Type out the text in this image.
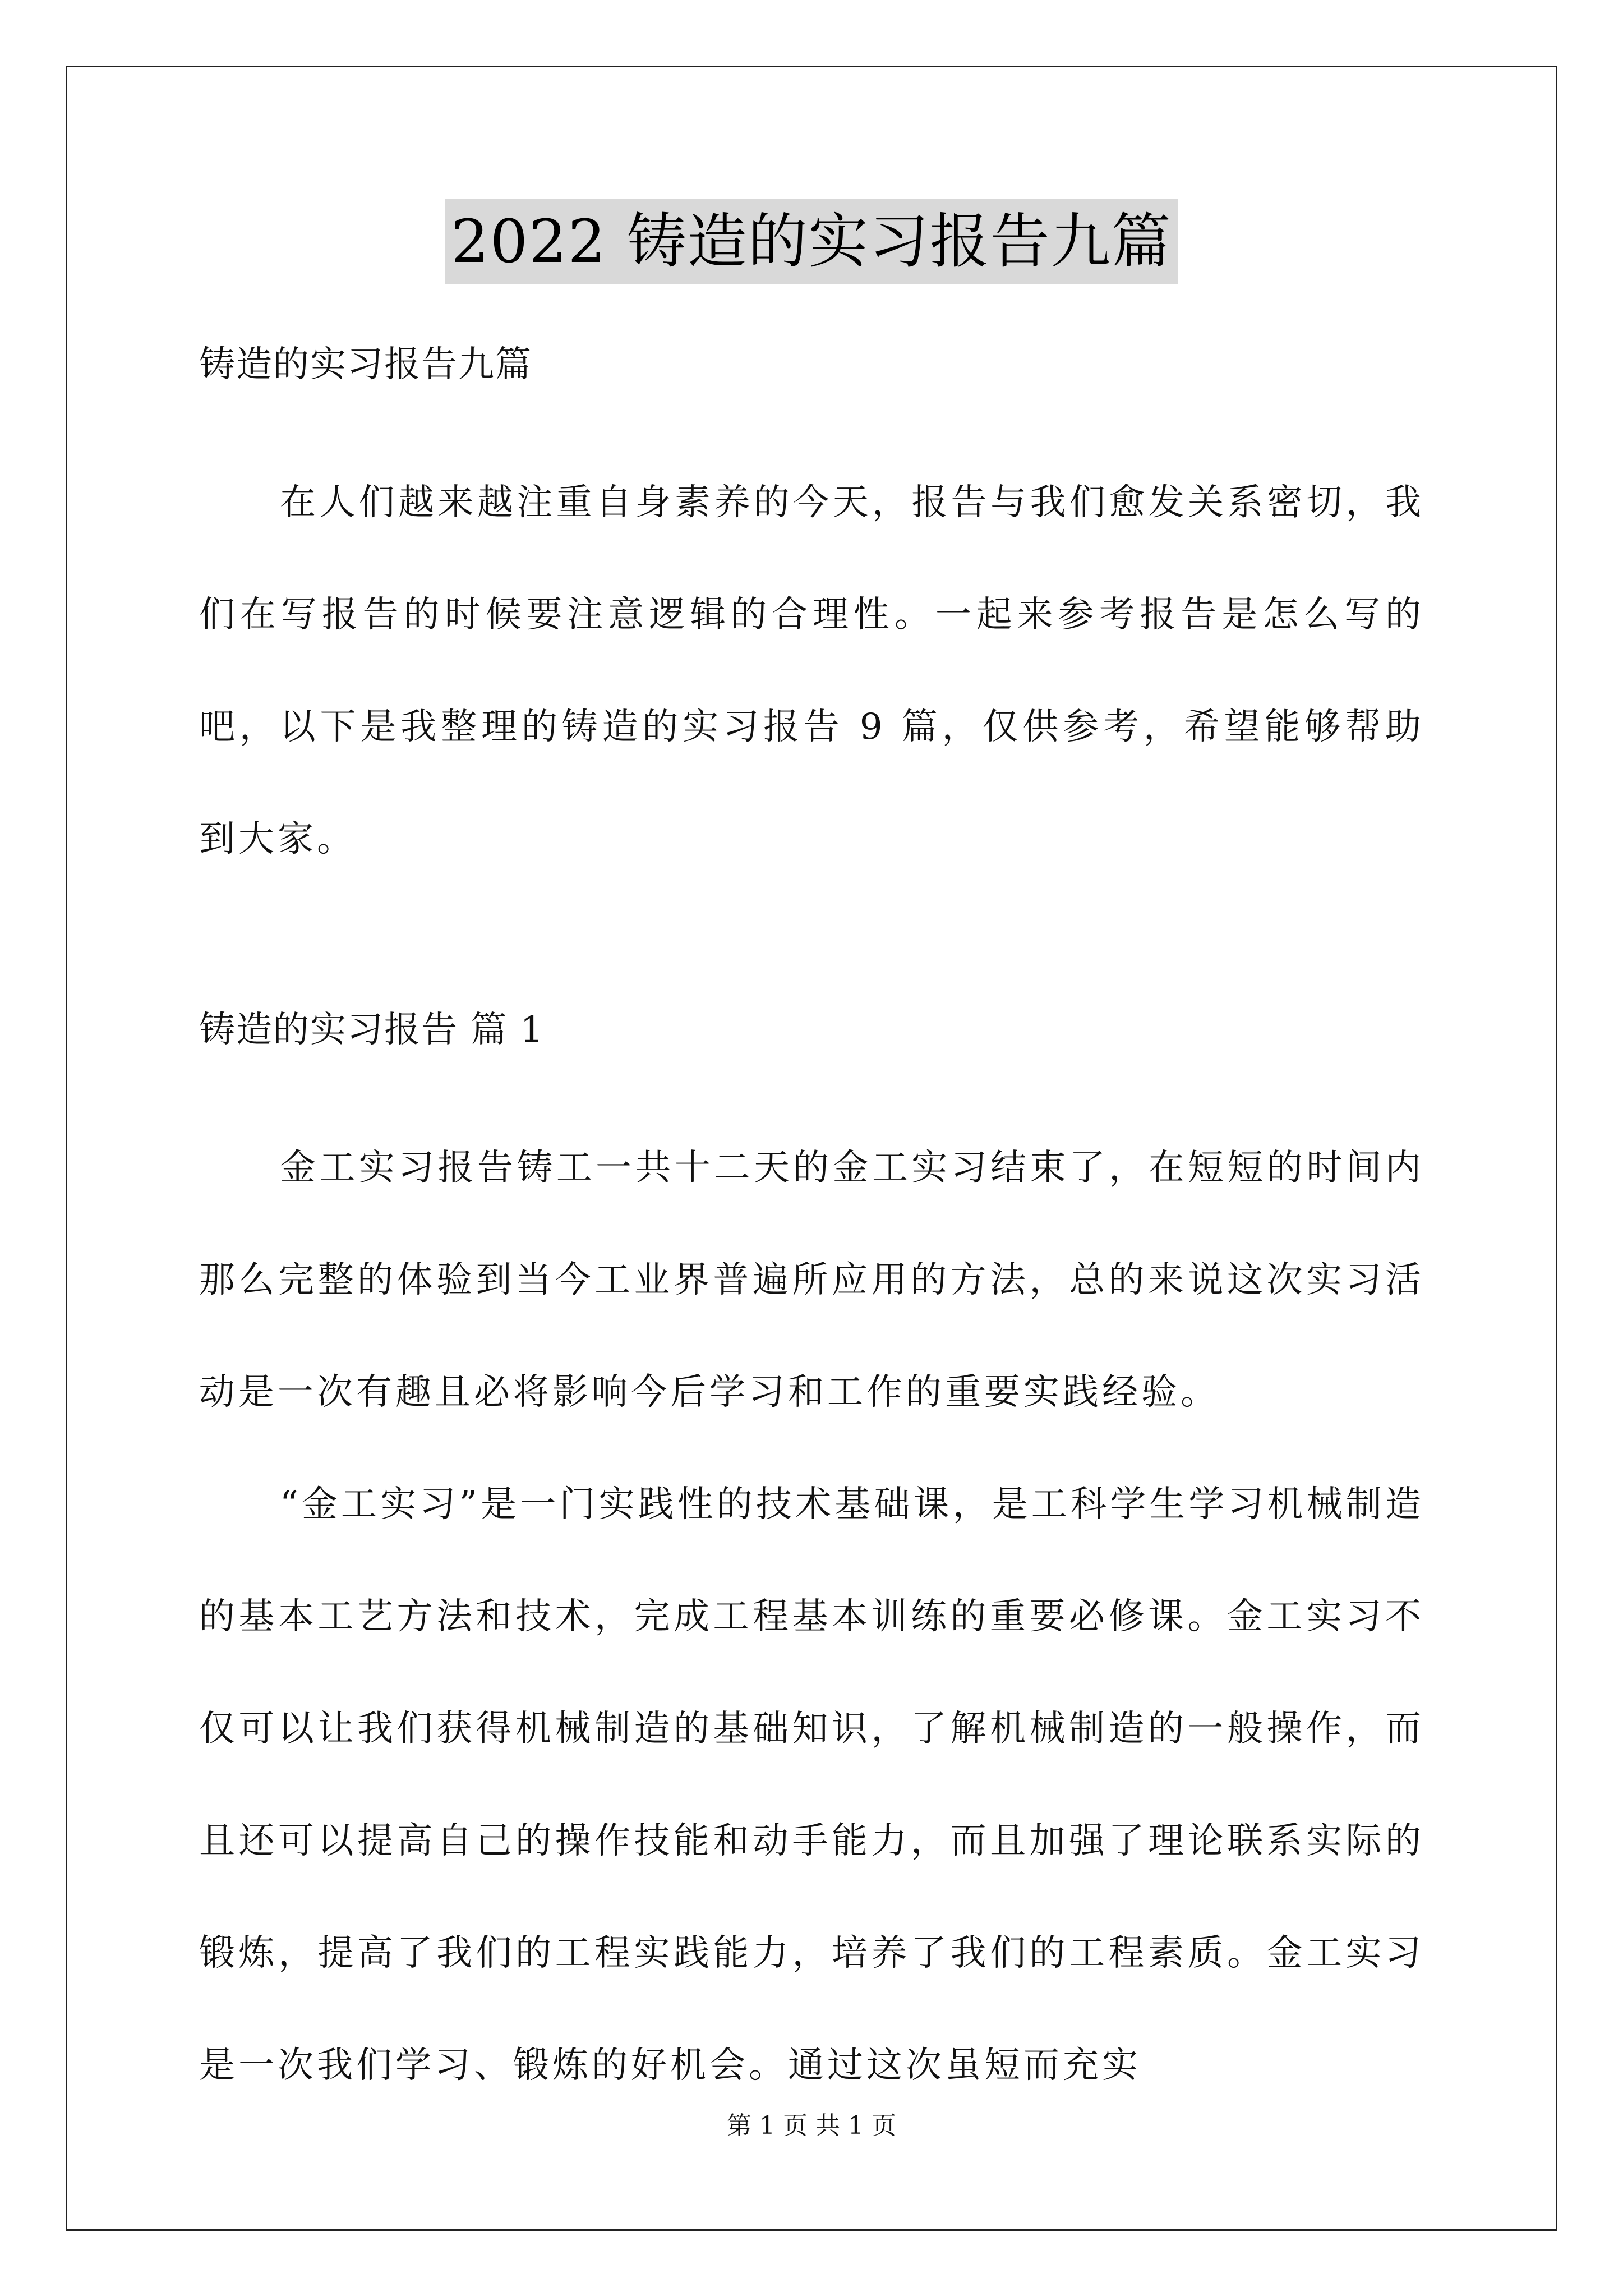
2022 铸造的实习报告九篇

铸造的实习报告九篇

在人们越来越注重自身素养的今天，报告与我们愈发关系密切，我们在写报告的时候要注意逻辑的合理性。一起来参考报告是怎么写的吧，以下是我整理的铸造的实习报告 9 篇，仅供参考，希望能够帮助到大家。

铸造的实习报告 篇 1

金工实习报告铸工一共十二天的金工实习结束了，在短短的时间内那么完整的体验到当今工业界普遍所应用的方法，总的来说这次实习活动是一次有趣且必将影响今后学习和工作的重要实践经验。

“金工实习”是一门实践性的技术基础课，是工科学生学习机械制造的基本工艺方法和技术，完成工程基本训练的重要必修课。金工实习不仅可以让我们获得机械制造的基础知识，了解机械制造的一般操作，而且还可以提高自己的操作技能和动手能力，而且加强了理论联系实际的锻炼，提高了我们的工程实践能力，培养了我们的工程素质。金工实习是一次我们学习、锻炼的好机会。通过这次虽短而充实

第 1 页 共 1 页
